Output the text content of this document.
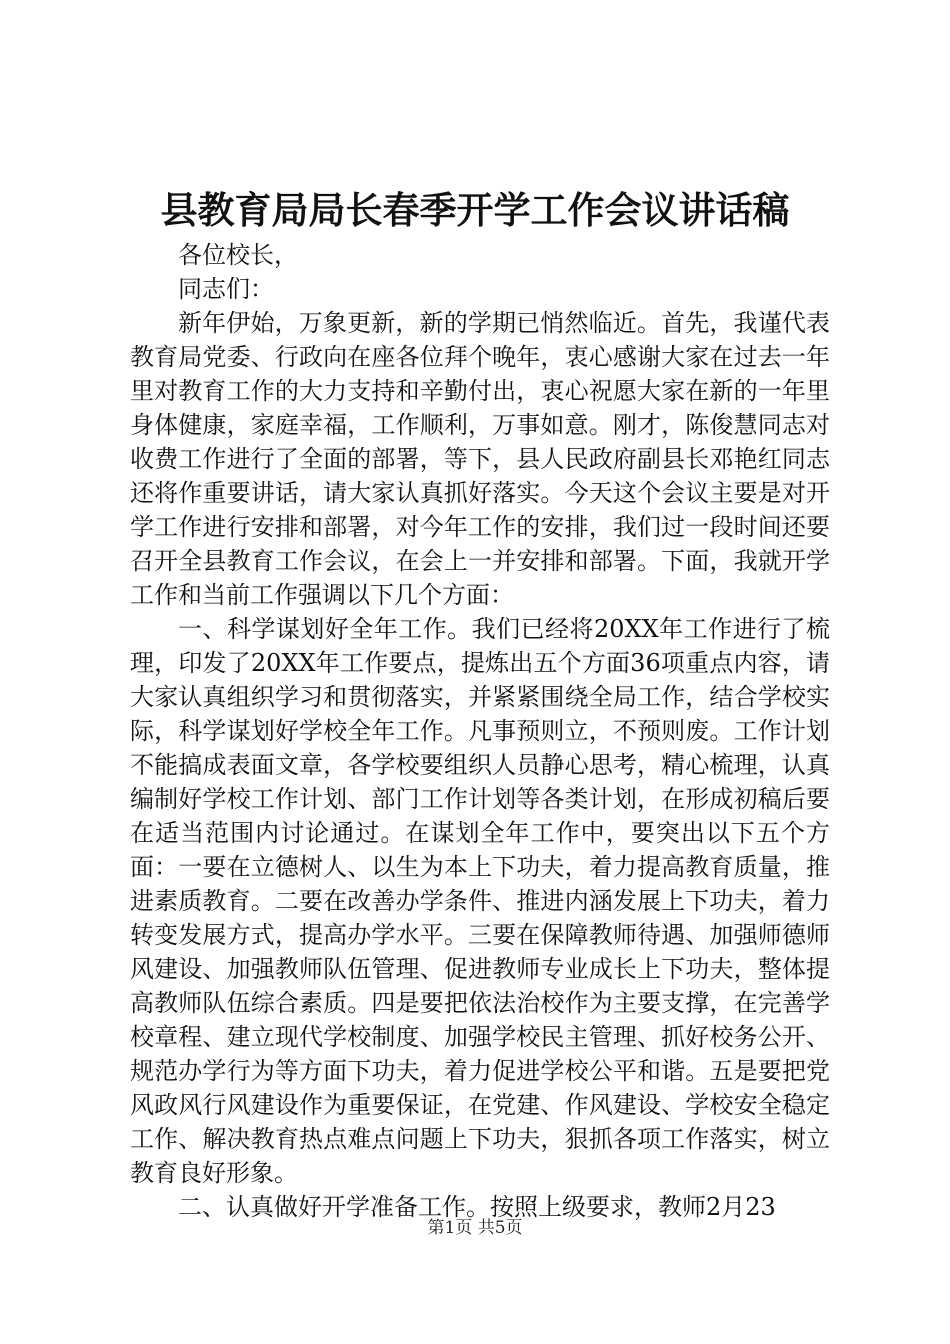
县教育局局长春季开学工作会议讲话稿

各位校长，

同志们：

新年伊始，万象更新，新的学期已悄然临近。首先，我谨代表教育局党委、行政向在座各位拜个晚年，衷心感谢大家在过去一年里对教育工作的大力支持和辛勤付出，衷心祝愿大家在新的一年里身体健康，家庭幸福，工作顺利，万事如意。刚才，陈俊慧同志对收费工作进行了全面的部署，等下，县人民政府副县长邓艳红同志还将作重要讲话，请大家认真抓好落实。今天这个会议主要是对开学工作进行安排和部署，对今年工作的安排，我们过一段时间还要召开全县教育工作会议，在会上一并安排和部署。下面，我就开学工作和当前工作强调以下几个方面：

一、科学谋划好全年工作。我们已经将20XX年工作进行了梳理，印发了20XX年工作要点，提炼出五个方面36项重点内容，请大家认真组织学习和贯彻落实，并紧紧围绕全局工作，结合学校实际，科学谋划好学校全年工作。凡事预则立，不预则废。工作计划不能搞成表面文章，各学校要组织人员静心思考，精心梳理，认真编制好学校工作计划、部门工作计划等各类计划，在形成初稿后要在适当范围内讨论通过。在谋划全年工作中，要突出以下五个方面：一要在立德树人、以生为本上下功夫，着力提高教育质量，推进素质教育。二要在改善办学条件、推进内涵发展上下功夫，着力转变发展方式，提高办学水平。三要在保障教师待遇、加强师德师风建设、加强教师队伍管理、促进教师专业成长上下功夫，整体提高教师队伍综合素质。四是要把依法治校作为主要支撑，在完善学校章程、建立现代学校制度、加强学校民主管理、抓好校务公开、规范办学行为等方面下功夫，着力促进学校公平和谐。五是要把党风政风行风建设作为重要保证，在党建、作风建设、学校安全稳定工作、解决教育热点难点问题上下功夫，狠抓各项工作落实，树立教育良好形象。

二、认真做好开学准备工作。按照上级要求，教师2月23

第1页 共5页
